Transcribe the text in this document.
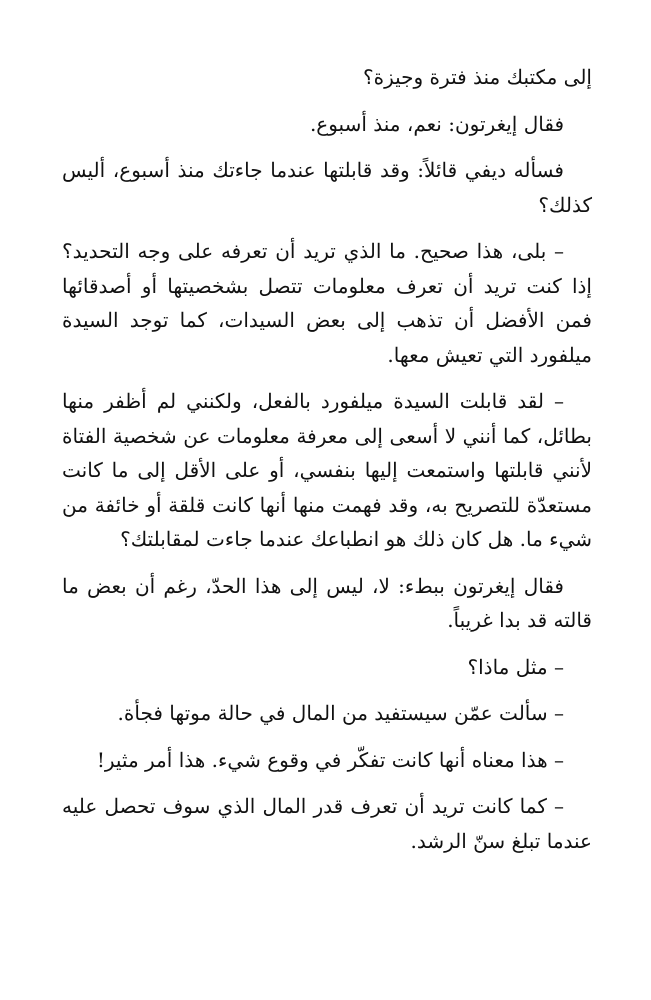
إلى مكتبك منذ فترة وجيزة؟

فقال إيغرتون: نعم، منذ أسبوع.

فسأله ديفي قائلاً: وقد قابلتها عندما جاءتك منذ أسبوع، أليس كذلك؟

– بلى، هذا صحيح. ما الذي تريد أن تعرفه على وجه التحديد؟ إذا كنت تريد أن تعرف معلومات تتصل بشخصيتها أو أصدقائها فمن الأفضل أن تذهب إلى بعض السيدات، كما توجد السيدة ميلفورد التي تعيش معها.

– لقد قابلت السيدة ميلفورد بالفعل، ولكنني لم أظفر منها بطائل، كما أنني لا أسعى إلى معرفة معلومات عن شخصية الفتاة لأنني قابلتها واستمعت إليها بنفسي، أو على الأقل إلى ما كانت مستعدّة للتصريح به، وقد فهمت منها أنها كانت قلقة أو خائفة من شيء ما. هل كان ذلك هو انطباعك عندما جاءت لمقابلتك؟

فقال إيغرتون ببطء: لا، ليس إلى هذا الحدّ، رغم أن بعض ما قالته قد بدا غريباً.

– مثل ماذا؟

– سألت عمّن سيستفيد من المال في حالة موتها فجأة.

– هذا معناه أنها كانت تفكّر في وقوع شيء. هذا أمر مثير!

– كما كانت تريد أن تعرف قدر المال الذي سوف تحصل عليه عندما تبلغ سنّ الرشد.
